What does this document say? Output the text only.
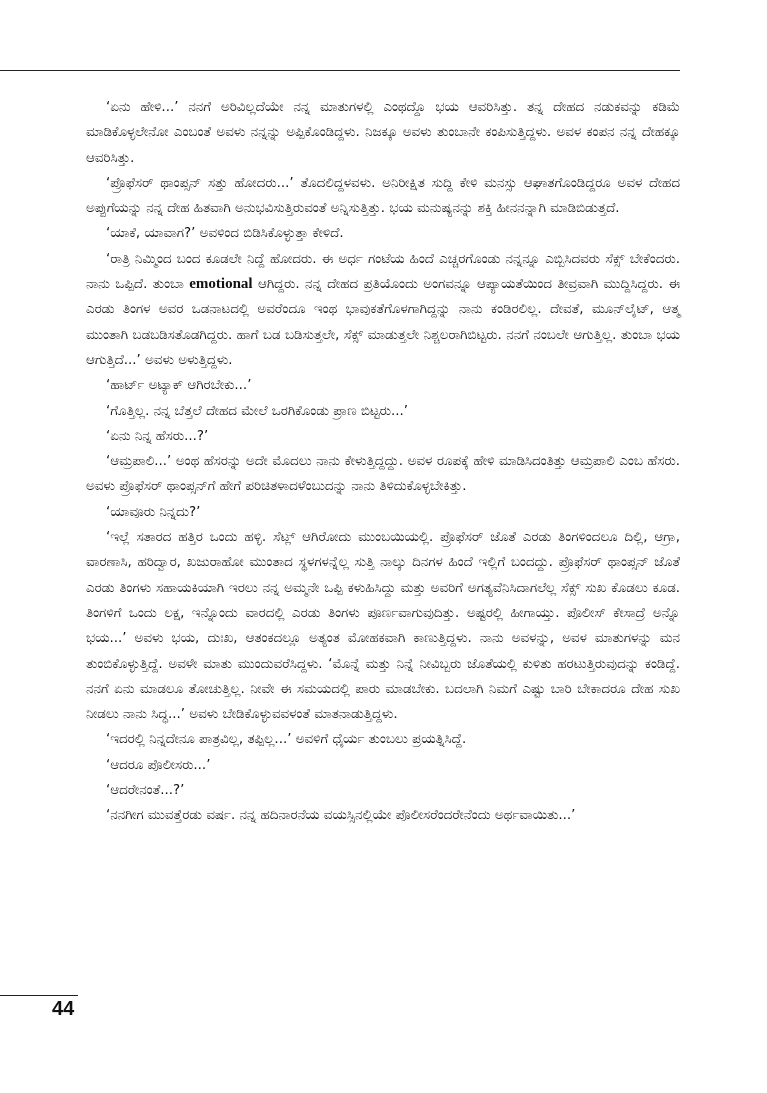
‘ಏನು ಹೇಳಿ...’ ನನಗೆ ಅರಿವಿಲ್ಲದೆಯೇ ನನ್ನ ಮಾತುಗಳಲ್ಲಿ ಎಂಥದ್ದೊ ಭಯ ಆವರಿಸಿತ್ತು. ತನ್ನ ದೇಹದ ನಡುಕವನ್ನು ಕಡಿಮೆ ಮಾಡಿಕೊಳ್ಳಲೇನೋ ಎಂಬಂತೆ ಅವಳು ನನ್ನನ್ನು ಅಪ್ಪಿಕೊಂಡಿದ್ದಳು. ನಿಜಕ್ಕೂ ಅವಳು ತುಂಬಾನೇ ಕಂಪಿಸುತ್ತಿದ್ದಳು. ಅವಳ ಕಂಪನ ನನ್ನ ದೇಹಕ್ಕೂ ಆವರಿಸಿತ್ತು.

‘ಪ್ರೊಫೆಸರ್ ಥಾಂಪ್ಸನ್ ಸತ್ತು ಹೋದರು...’ ತೊದಲಿದ್ದಳವಳು. ಅನಿರೀಕ್ಷಿತ ಸುದ್ದಿ ಕೇಳಿ ಮನಸ್ಸು ಆಘಾತಗೊಂಡಿದ್ದರೂ ಅವಳ ದೇಹದ ಅಪ್ಪುಗೆಯನ್ನು ನನ್ನ ದೇಹ ಹಿತವಾಗಿ ಅನುಭವಿಸುತ್ತಿರುವಂತೆ ಅನ್ನಿಸುತ್ತಿತ್ತು. ಭಯ ಮನುಷ್ಯನನ್ನು ಶಕ್ತಿ ಹೀನನನ್ನಾಗಿ ಮಾಡಿಬಿಡುತ್ತದೆ.

‘ಯಾಕೆ, ಯಾವಾಗ?’ ಅವಳಿಂದ ಬಿಡಿಸಿಕೊಳ್ಳುತ್ತಾ ಕೇಳಿದೆ.

‘ರಾತ್ರಿ ನಿಮ್ಮಿಂದ ಬಂದ ಕೂಡಲೇ ನಿದ್ದೆ ಹೋದರು. ಈ ಅರ್ಧ ಗಂಟೆಯ ಹಿಂದೆ ಎಚ್ಚರಗೊಂಡು ನನ್ನನ್ನೂ ಎಬ್ಬಿಸಿದವರು ಸೆಕ್ಸ್ ಬೇಕೆಂದರು. ನಾನು ಒಪ್ಪಿದೆ. ತುಂಬಾ emotional ಆಗಿದ್ದರು. ನನ್ನ ದೇಹದ ಪ್ರತಿಯೊಂದು ಅಂಗವನ್ನೂ ಆಪ್ಯಾಯತೆಯಿಂದ ತೀವ್ರವಾಗಿ ಮುದ್ದಿಸಿದ್ದರು. ಈ ಎರಡು ತಿಂಗಳ ಅವರ ಒಡನಾಟದಲ್ಲಿ ಅವರೆಂದೂ ಇಂಥ ಭಾವುಕತೆಗೊಳಗಾಗಿದ್ದನ್ನು ನಾನು ಕಂಡಿರಲಿಲ್ಲ. ದೇವತೆ, ಮೂನ್‌ಲೈಟ್, ಆತ್ಮ ಮುಂತಾಗಿ ಬಡಬಡಿಸತೊಡಗಿದ್ದರು. ಹಾಗೆ ಬಡ ಬಡಿಸುತ್ತಲೇ, ಸೆಕ್ಸ್ ಮಾಡುತ್ತಲೇ ನಿಶ್ಚಲರಾಗಿಬಿಟ್ಟರು. ನನಗೆ ನಂಬಲೇ ಆಗುತ್ತಿಲ್ಲ. ತುಂಬಾ ಭಯ ಆಗುತ್ತಿದೆ...’ ಅವಳು ಅಳುತ್ತಿದ್ದಳು.

‘ಹಾರ್ಟ್ ಅಟ್ಯಾಕ್ ಆಗಿರಬೇಕು...’

‘ಗೊತ್ತಿಲ್ಲ. ನನ್ನ ಬೆತ್ತಲೆ ದೇಹದ ಮೇಲೆ ಒರಗಿಕೊಂಡು ಪ್ರಾಣ ಬಿಟ್ಟರು...’

‘ಏನು ನಿನ್ನ ಹೆಸರು...?’

‘ಆಮ್ರಪಾಲಿ...’ ಅಂಥ ಹೆಸರನ್ನು ಅದೇ ಮೊದಲು ನಾನು ಕೇಳುತ್ತಿದ್ದದ್ದು. ಅವಳ ರೂಪಕ್ಕೆ ಹೇಳಿ ಮಾಡಿಸಿದಂತಿತ್ತು ಆಮ್ರಪಾಲಿ ಎಂಬ ಹೆಸರು. ಅವಳು ಪ್ರೊಫೆಸರ್ ಥಾಂಪ್ಸನ್‌ಗೆ ಹೇಗೆ ಪರಿಚಿತಳಾದಳೆಂಬುದನ್ನು ನಾನು ತಿಳಿದುಕೊಳ್ಳಬೇಕಿತ್ತು.

‘ಯಾವೂರು ನಿನ್ನದು?’

‘ಇಲ್ಲೆ ಸತಾರದ ಹತ್ತಿರ ಒಂದು ಹಳ್ಳಿ. ಸೆಟ್ಲ್ ಆಗಿರೋದು ಮುಂಬಯಿಯಲ್ಲಿ. ಪ್ರೊಫೆಸರ್ ಜೊತೆ ಎರಡು ತಿಂಗಳಿಂದಲೂ ದಿಲ್ಲಿ, ಆಗ್ರಾ, ವಾರಣಾಸಿ, ಹರಿದ್ವಾರ, ಖಜುರಾಹೋ ಮುಂತಾದ ಸ್ಥಳಗಳನ್ನೆಲ್ಲ ಸುತ್ತಿ ನಾಲ್ಕು ದಿನಗಳ ಹಿಂದೆ ಇಲ್ಲಿಗೆ ಬಂದದ್ದು. ಪ್ರೊಫೆಸರ್ ಥಾಂಪ್ಸನ್ ಜೊತೆ ಎರಡು ತಿಂಗಳು ಸಹಾಯಕಿಯಾಗಿ ಇರಲು ನನ್ನ ಅಮ್ಮನೇ ಒಪ್ಪಿ ಕಳುಹಿಸಿದ್ದು ಮತ್ತು ಅವರಿಗೆ ಅಗತ್ಯವೆನಿಸಿದಾಗಲೆಲ್ಲ ಸೆಕ್ಸ್ ಸುಖ ಕೊಡಲು ಕೂಡ. ತಿಂಗಳಿಗೆ ಒಂದು ಲಕ್ಷ, ಇನ್ನೊಂದು ವಾರದಲ್ಲಿ ಎರಡು ತಿಂಗಳು ಪೂರ್ಣವಾಗುವುದಿತ್ತು. ಅಷ್ಟರಲ್ಲಿ ಹೀಗಾಯ್ತು. ಪೊಲೀಸ್ ಕೇಸಾದ್ರೆ ಅನ್ನೊ ಭಯ...’ ಅವಳು ಭಯ, ದುಃಖ, ಆತಂಕದಲ್ಲೂ ಅತ್ಯಂತ ಮೋಹಕವಾಗಿ ಕಾಣುತ್ತಿದ್ದಳು. ನಾನು ಅವಳನ್ನು, ಅವಳ ಮಾತುಗಳನ್ನು ಮನ ತುಂಬಿಕೊಳ್ಳುತ್ತಿದ್ದೆ. ಅವಳೇ ಮಾತು ಮುಂದುವರೆಸಿದ್ದಳು. ‘ಮೊನ್ನೆ ಮತ್ತು ನಿನ್ನೆ ನೀವಿಬ್ಬರು ಜೊತೆಯಲ್ಲಿ ಕುಳಿತು ಹರಟುತ್ತಿರುವುದನ್ನು ಕಂಡಿದ್ದೆ. ನನಗೆ ಏನು ಮಾಡಲೂ ತೋಚುತ್ತಿಲ್ಲ. ನೀವೇ ಈ ಸಮಯದಲ್ಲಿ ಪಾರು ಮಾಡಬೇಕು. ಬದಲಾಗಿ ನಿಮಗೆ ಎಷ್ಟು ಬಾರಿ ಬೇಕಾದರೂ ದೇಹ ಸುಖ ನೀಡಲು ನಾನು ಸಿದ್ಧ...’ ಅವಳು ಬೇಡಿಕೊಳ್ಳುವವಳಂತೆ ಮಾತನಾಡುತ್ತಿದ್ದಳು.

‘ಇದರಲ್ಲಿ ನಿನ್ನದೇನೂ ಪಾತ್ರವಿಲ್ಲ, ತಪ್ಪಿಲ್ಲ...’ ಅವಳಿಗೆ ಧೈರ್ಯ ತುಂಬಲು ಪ್ರಯತ್ನಿಸಿದ್ದೆ.

‘ಆದರೂ ಪೊಲೀಸರು...’

‘ಆದರೇನಂತೆ...?’

‘ನನಗೀಗ ಮುವತ್ತೆರಡು ವರ್ಷ. ನನ್ನ ಹದಿನಾರನೆಯ ವಯಸ್ಸಿನಲ್ಲಿಯೇ ಪೊಲೀಸರೆಂದರೇನೆಂದು ಅರ್ಥವಾಯಿತು...’

44
